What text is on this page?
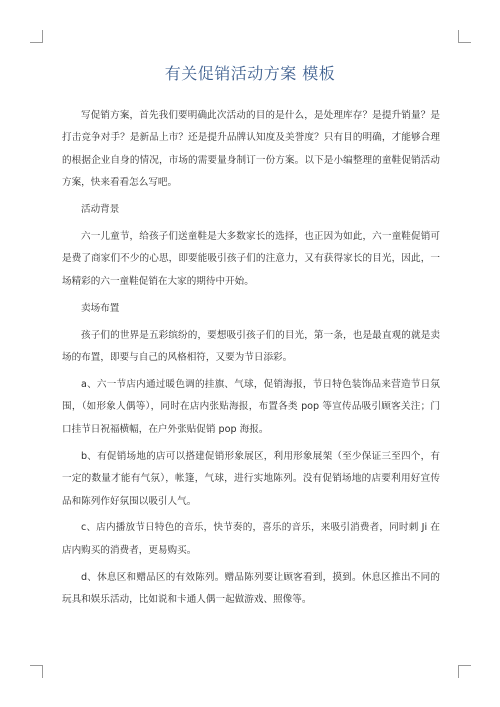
有关促销活动方案 模板

写促销方案，首先我们要明确此次活动的目的是什么，是处理库存？是提升销量？是打击竞争对手？是新品上市？还是提升品牌认知度及美誉度？只有目的明确，才能够合理的根据企业自身的情况，市场的需要量身制订一份方案。以下是小编整理的童鞋促销活动方案，快来看看怎么写吧。

活动背景

六一儿童节，给孩子们送童鞋是大多数家长的选择，也正因为如此，六一童鞋促销可是费了商家们不少的心思，即要能吸引孩子们的注意力，又有获得家长的目光，因此，一场精彩的六一童鞋促销在大家的期待中开始。

卖场布置

孩子们的世界是五彩缤纷的，要想吸引孩子们的目光，第一条，也是最直观的就是卖场的布置，即要与自己的风格相符，又要为节日添彩。

a、六一节店内通过暖色调的挂旗、气球，促销海报，节日特色装饰品来营造节日氛围，（如形象人偶等），同时在店内张贴海报，布置各类 pop 等宣传品吸引顾客关注；门口挂节日祝福横幅，在户外张贴促销 pop 海报。

b、有促销场地的店可以搭建促销形象展区，利用形象展架（至少保证三至四个，有一定的数量才能有气氛），帐篷，气球，进行实地陈列。没有促销场地的店要利用好宣传品和陈列作好氛围以吸引人气。

c、店内播放节日特色的音乐，快节奏的，喜乐的音乐，来吸引消费者，同时刺 Ji 在店内购买的消费者，更易购买。

d、休息区和赠品区的有效陈列。赠品陈列要让顾客看到，摸到。休息区推出不同的玩具和娱乐活动，比如说和卡通人偶一起做游戏、照像等。
